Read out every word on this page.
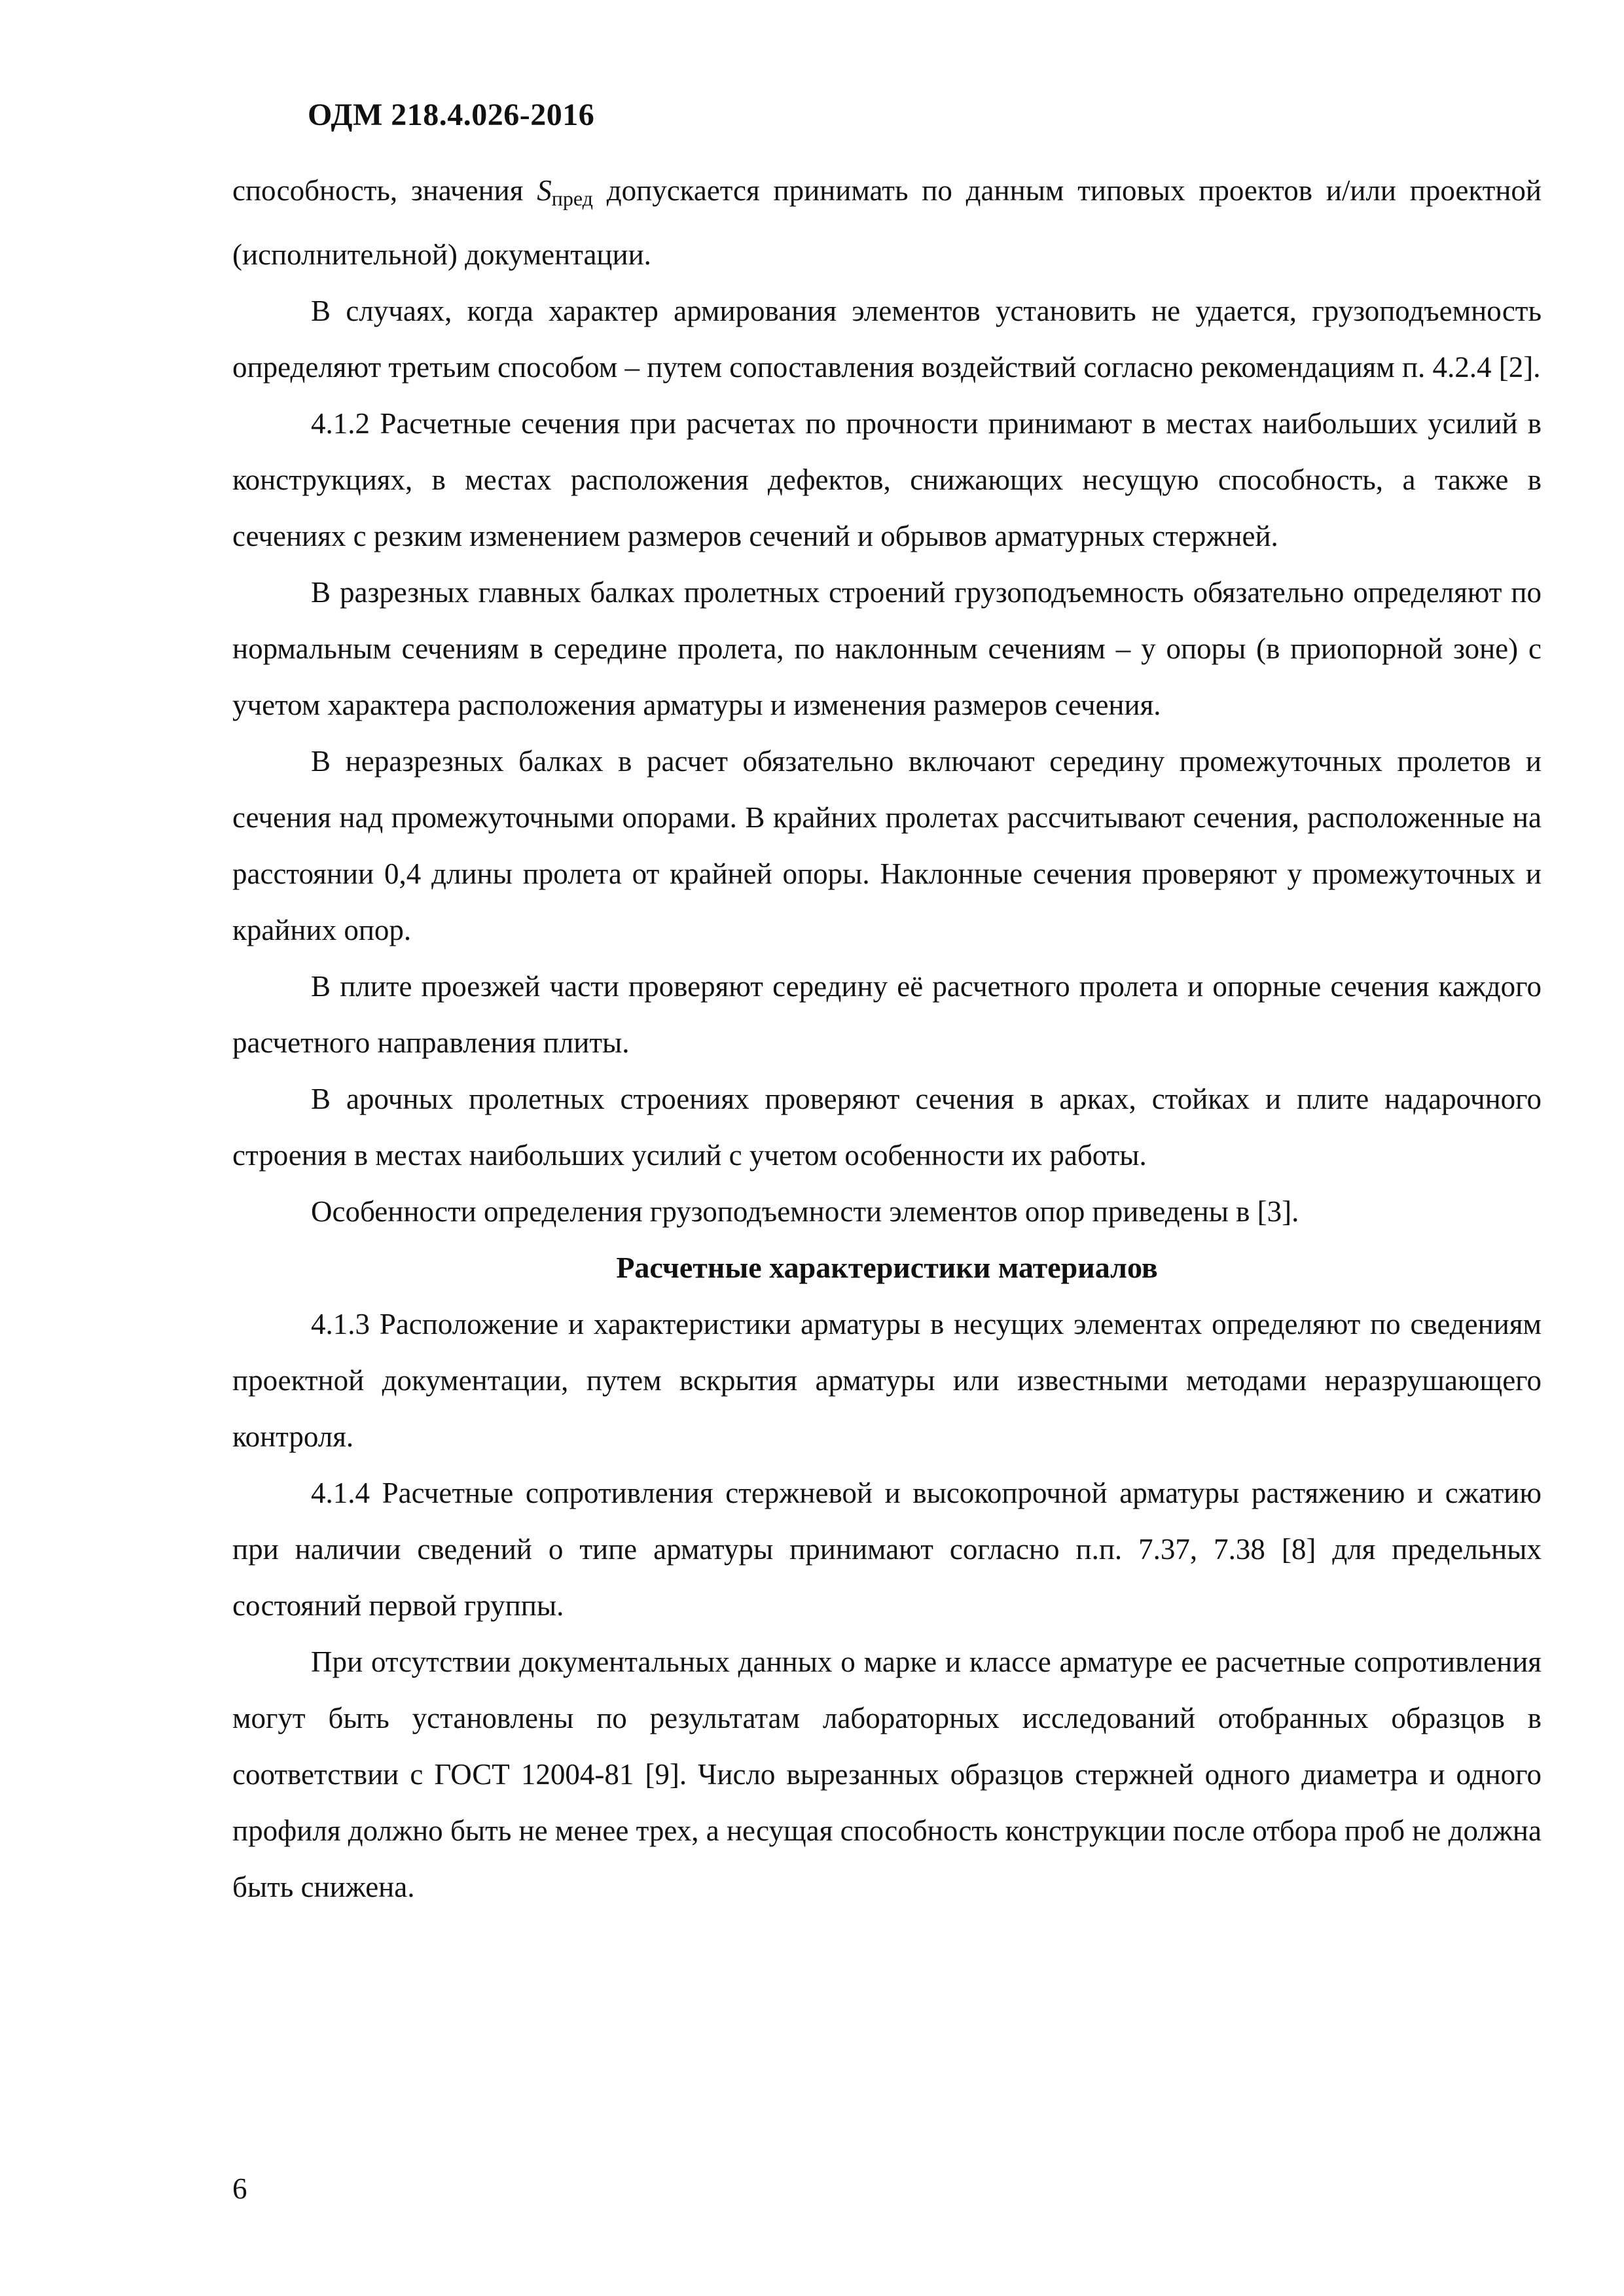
ОДМ 218.4.026-2016

способность, значения $S_{пред}$ допускается принимать по данным типовых проектов и/или проектной (исполнительной) документации.

В случаях, когда характер армирования элементов установить не удается, грузоподъемность определяют третьим способом – путем сопоставления воздействий согласно рекомендациям п. 4.2.4 [2].

4.1.2 Расчетные сечения при расчетах по прочности принимают в местах наибольших усилий в конструкциях, в местах расположения дефектов, снижающих несущую способность, а также в сечениях с резким изменением размеров сечений и обрывов арматурных стержней.

В разрезных главных балках пролетных строений грузоподъемность обязательно определяют по нормальным сечениям в середине пролета, по наклонным сечениям – у опоры (в приопорной зоне) с учетом характера расположения арматуры и изменения размеров сечения.

В неразрезных балках в расчет обязательно включают середину промежуточных пролетов и сечения над промежуточными опорами. В крайних пролетах рассчитывают сечения, расположенные на расстоянии 0,4 длины пролета от крайней опоры. Наклонные сечения проверяют у промежуточных и крайних опор.

В плите проезжей части проверяют середину её расчетного пролета и опорные сечения каждого расчетного направления плиты.

В арочных пролетных строениях проверяют сечения в арках, стойках и плите надарочного строения в местах наибольших усилий с учетом особенности их работы.

Особенности определения грузоподъемности элементов опор приведены в [3].

Расчетные характеристики материалов

4.1.3 Расположение и характеристики арматуры в несущих элементах определяют по сведениям проектной документации, путем вскрытия арматуры или известными методами неразрушающего контроля.

4.1.4 Расчетные сопротивления стержневой и высокопрочной арматуры растяжению и сжатию при наличии сведений о типе арматуры принимают согласно п.п. 7.37, 7.38 [8] для предельных состояний первой группы.

При отсутствии документальных данных о марке и классе арматуре ее расчетные сопротивления могут быть установлены по результатам лабораторных исследований отобранных образцов в соответствии с ГОСТ 12004-81 [9]. Число вырезанных образцов стержней одного диаметра и одного профиля должно быть не менее трех, а несущая способность конструкции после отбора проб не должна быть снижена.

6
